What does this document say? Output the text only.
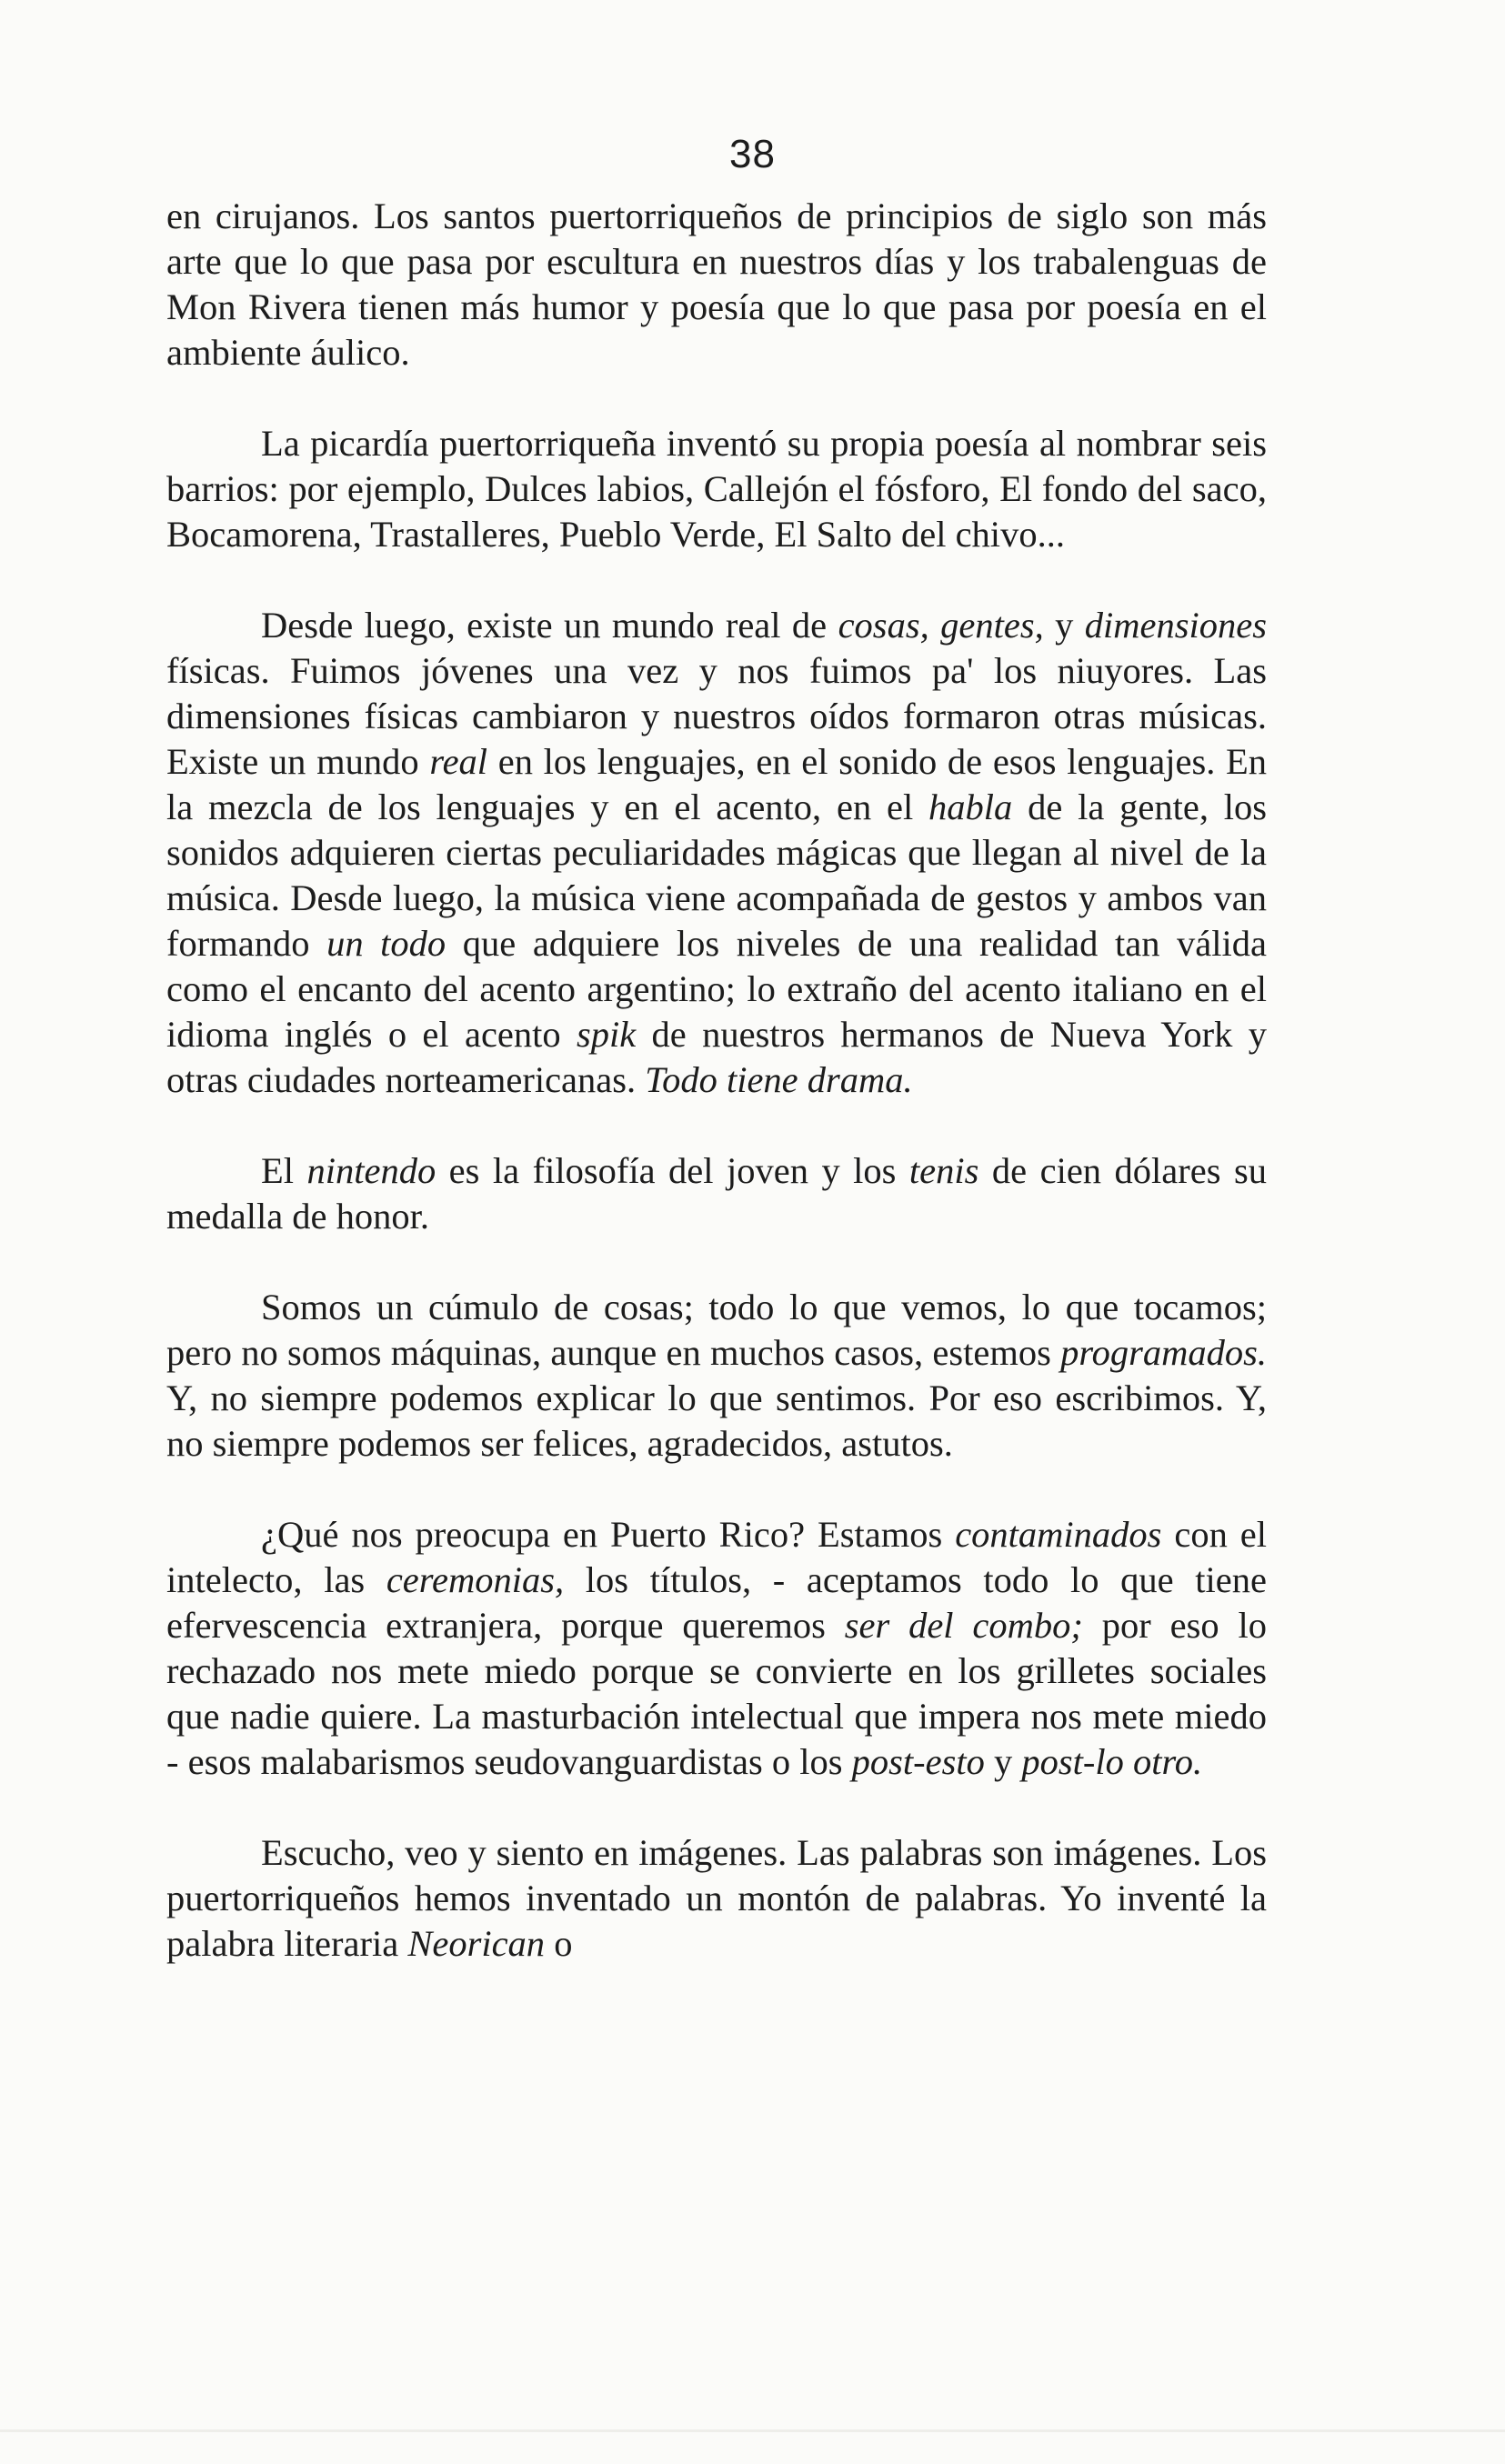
38

en cirujanos. Los santos puertorriqueños de principios de siglo son más arte que lo que pasa por escultura en nuestros días y los trabalenguas de Mon Rivera tienen más humor y poesía que lo que pasa por poesía en el ambiente áulico.

La picardía puertorriqueña inventó su propia poesía al nombrar seis barrios: por ejemplo, Dulces labios, Callejón el fósforo, El fondo del saco, Bocamorena, Trastalleres, Pueblo Verde, El Salto del chivo...

Desde luego, existe un mundo real de cosas, gentes, y dimensiones físicas. Fuimos jóvenes una vez y nos fuimos pa' los niuyores. Las dimensiones físicas cambiaron y nuestros oídos formaron otras músicas. Existe un mundo real en los lenguajes, en el sonido de esos lenguajes. En la mezcla de los lenguajes y en el acento, en el habla de la gente, los sonidos adquieren ciertas peculiaridades mágicas que llegan al nivel de la música. Desde luego, la música viene acompañada de gestos y ambos van formando un todo que adquiere los niveles de una realidad tan válida como el encanto del acento argentino; lo extraño del acento italiano en el idioma inglés o el acento spik de nuestros hermanos de Nueva York y otras ciudades norteamericanas. Todo tiene drama.

El nintendo es la filosofía del joven y los tenis de cien dólares su medalla de honor.

Somos un cúmulo de cosas; todo lo que vemos, lo que tocamos; pero no somos máquinas, aunque en muchos casos, estemos programados. Y, no siempre podemos explicar lo que sentimos. Por eso escribimos. Y, no siempre podemos ser felices, agradecidos, astutos.

¿Qué nos preocupa en Puerto Rico? Estamos contaminados con el intelecto, las ceremonias, los títulos, - aceptamos todo lo que tiene efervescencia extranjera, porque queremos ser del combo; por eso lo rechazado nos mete miedo porque se convierte en los grilletes sociales que nadie quiere. La masturbación intelectual que impera nos mete miedo - esos malabarismos seudovanguardistas o los post-esto y post-lo otro.

Escucho, veo y siento en imágenes. Las palabras son imágenes. Los puertorriqueños hemos inventado un montón de palabras. Yo inventé la palabra literaria Neorican o
